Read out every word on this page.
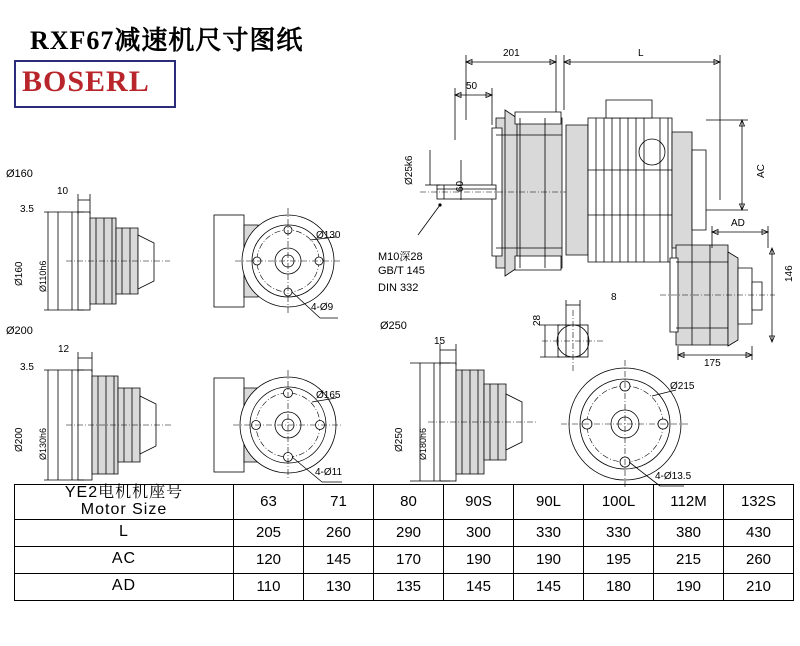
RXF67减速机尺寸图纸
BOSERL
201	L
50
Ø25k6
60
AC
M10深28
GB/T 145
DIN 332
8
28
AD
146
175
Ø160
10
3.5
Ø160 Ø110h6
Ø130
4-Ø9
Ø200
12
3.5
Ø200 Ø130h6
Ø165
4-Ø11
Ø250
15
Ø250 Ø180h6
Ø215
4-Ø13.5
YE2电机机座号
Motor Size	63	71	80	90S	90L	100L	112M	132S
L	205	260	290	300	330	330	380	430
AC	120	145	170	190	190	195	215	260
AD	110	130	135	145	145	180	190	210
